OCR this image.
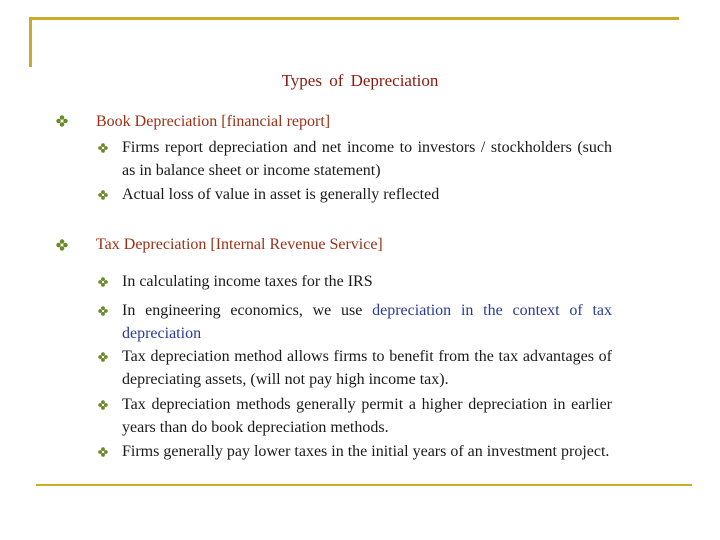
Types of Depreciation

Book Depreciation [financial report]

Firms report depreciation and net income to investors / stockholders (such as in balance sheet or income statement)

Actual loss of value in asset is generally reflected

Tax Depreciation [Internal Revenue Service]

In calculating income taxes for the IRS

In engineering economics, we use depreciation in the context of tax depreciation

Tax depreciation method allows firms to benefit from the tax advantages of depreciating assets, (will not pay high income tax).

Tax depreciation methods generally permit a higher depreciation in earlier years than do book depreciation methods.

Firms generally pay lower taxes in the initial years of an investment project.
